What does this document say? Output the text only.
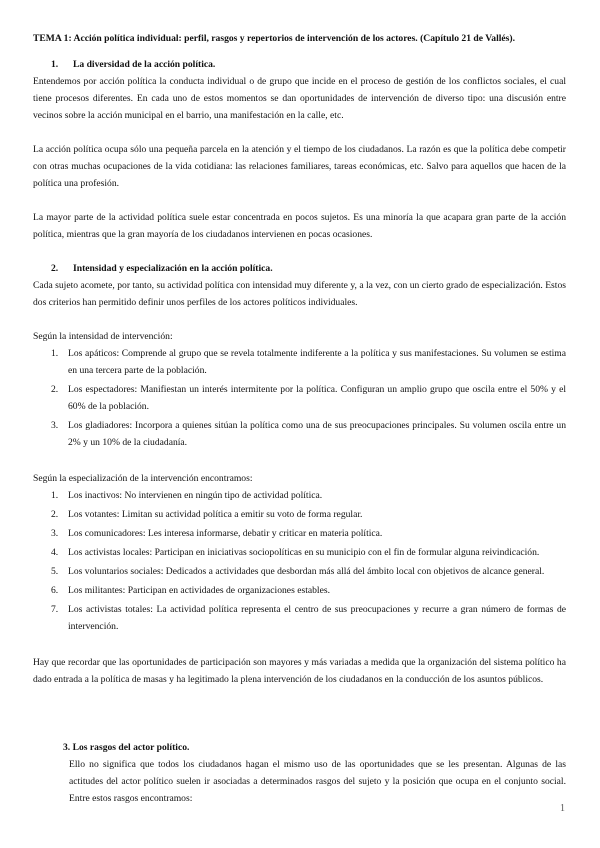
TEMA 1: Acción política individual: perfil, rasgos y repertorios de intervención de los actores. (Capítulo 21 de Vallés).

1. La diversidad de la acción política.

Entendemos por acción política la conducta individual o de grupo que incide en el proceso de gestión de los conflictos sociales, el cual tiene procesos diferentes. En cada uno de estos momentos se dan oportunidades de intervención de diverso tipo: una discusión entre vecinos sobre la acción municipal en el barrio, una manifestación en la calle, etc.

La acción política ocupa sólo una pequeña parcela en la atención y el tiempo de los ciudadanos. La razón es que la política debe competir con otras muchas ocupaciones de la vida cotidiana: las relaciones familiares, tareas económicas, etc. Salvo para aquellos que hacen de la política una profesión.

La mayor parte de la actividad política suele estar concentrada en pocos sujetos. Es una minoría la que acapara gran parte de la acción política, mientras que la gran mayoría de los ciudadanos intervienen en pocas ocasiones.

2. Intensidad y especialización en la acción política.

Cada sujeto acomete, por tanto, su actividad política con intensidad muy diferente y, a la vez, con un cierto grado de especialización. Estos dos criterios han permitido definir unos perfiles de los actores políticos individuales.

Según la intensidad de intervención:

1. Los apáticos: Comprende al grupo que se revela totalmente indiferente a la política y sus manifestaciones. Su volumen se estima en una tercera parte de la población.
2. Los espectadores: Manifiestan un interés intermitente por la política. Configuran un amplio grupo que oscila entre el 50% y el 60% de la población.
3. Los gladiadores: Incorpora a quienes sitúan la política como una de sus preocupaciones principales. Su volumen oscila entre un 2% y un 10% de la ciudadanía.

Según la especialización de la intervención encontramos:

1. Los inactivos: No intervienen en ningún tipo de actividad política.
2. Los votantes: Limitan su actividad política a emitir su voto de forma regular.
3. Los comunicadores: Les interesa informarse, debatir y criticar en materia política.
4. Los activistas locales: Participan en iniciativas sociopolíticas en su municipio con el fin de formular alguna reivindicación.
5. Los voluntarios sociales: Dedicados a actividades que desbordan más allá del ámbito local con objetivos de alcance general.
6. Los militantes: Participan en actividades de organizaciones estables.
7. Los activistas totales: La actividad política representa el centro de sus preocupaciones y recurre a gran número de formas de intervención.

Hay que recordar que las oportunidades de participación son mayores y más variadas a medida que la organización del sistema político ha dado entrada a la política de masas y ha legitimado la plena intervención de los ciudadanos en la conducción de los asuntos públicos.

3. Los rasgos del actor político.

Ello no significa que todos los ciudadanos hagan el mismo uso de las oportunidades que se les presentan. Algunas de las actitudes del actor político suelen ir asociadas a determinados rasgos del sujeto y la posición que ocupa en el conjunto social. Entre estos rasgos encontramos:

1
